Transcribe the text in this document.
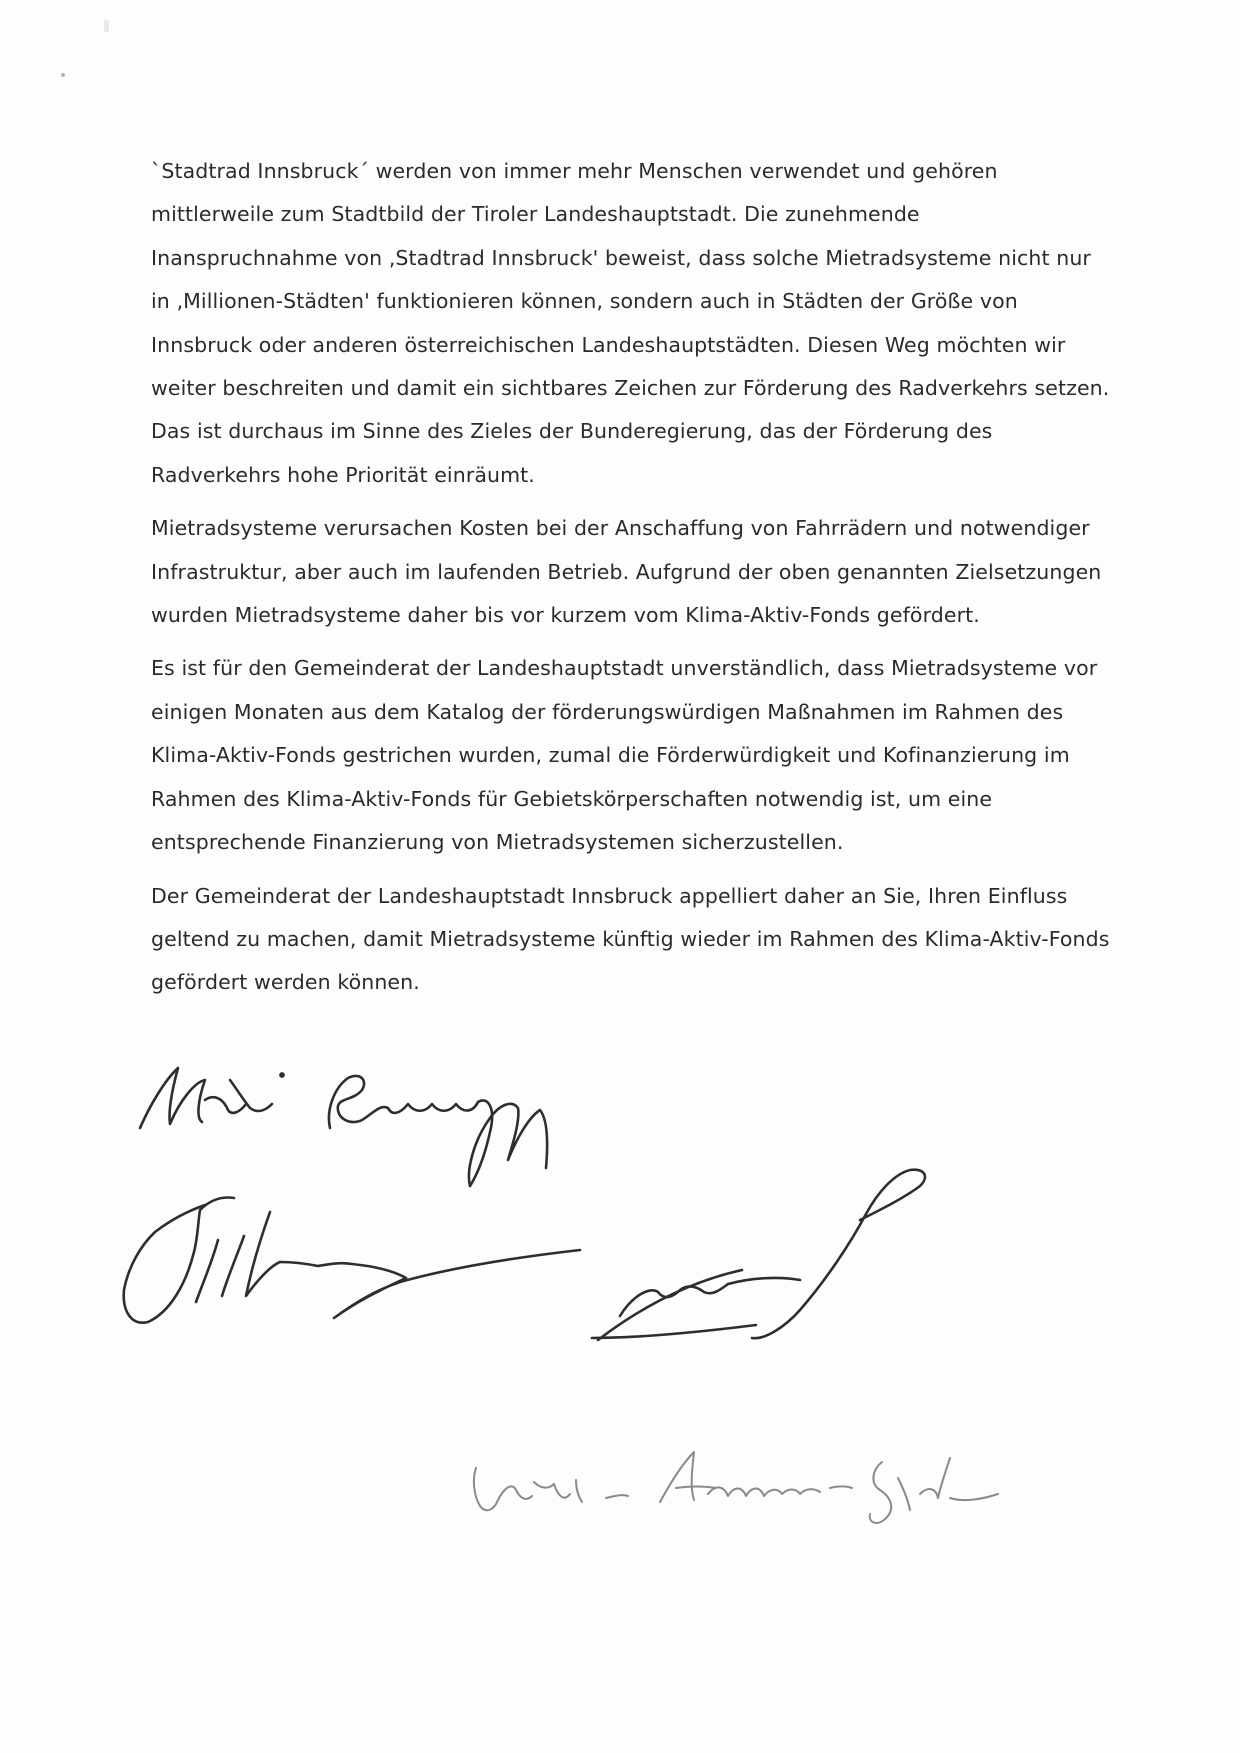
`Stadtrad Innsbruck´ werden von immer mehr Menschen verwendet und gehören mittlerweile zum Stadtbild der Tiroler Landeshauptstadt. Die zunehmende Inanspruchnahme von ‚Stadtrad Innsbruck' beweist, dass solche Mietradsysteme nicht nur in ‚Millionen-Städten' funktionieren können, sondern auch in Städten der Größe von Innsbruck oder anderen österreichischen Landeshauptstädten. Diesen Weg möchten wir weiter beschreiten und damit ein sichtbares Zeichen zur Förderung des Radverkehrs setzen. Das ist durchaus im Sinne des Zieles der Bunderegierung, das der Förderung des Radverkehrs hohe Priorität einräumt.

Mietradsysteme verursachen Kosten bei der Anschaffung von Fahrrädern und notwendiger Infrastruktur, aber auch im laufenden Betrieb. Aufgrund der oben genannten Zielsetzungen wurden Mietradsysteme daher bis vor kurzem vom Klima-Aktiv-Fonds gefördert.

Es ist für den Gemeinderat der Landeshauptstadt unverständlich, dass Mietradsysteme vor einigen Monaten aus dem Katalog der förderungswürdigen Maßnahmen im Rahmen des Klima-Aktiv-Fonds gestrichen wurden, zumal die Förderwürdigkeit und Kofinanzierung im Rahmen des Klima-Aktiv-Fonds für Gebietskörperschaften notwendig ist, um eine entsprechende Finanzierung von Mietradsystemen sicherzustellen.

Der Gemeinderat der Landeshauptstadt Innsbruck appelliert daher an Sie, Ihren Einfluss geltend zu machen, damit Mietradsysteme künftig wieder im Rahmen des Klima-Aktiv-Fonds gefördert werden können.
